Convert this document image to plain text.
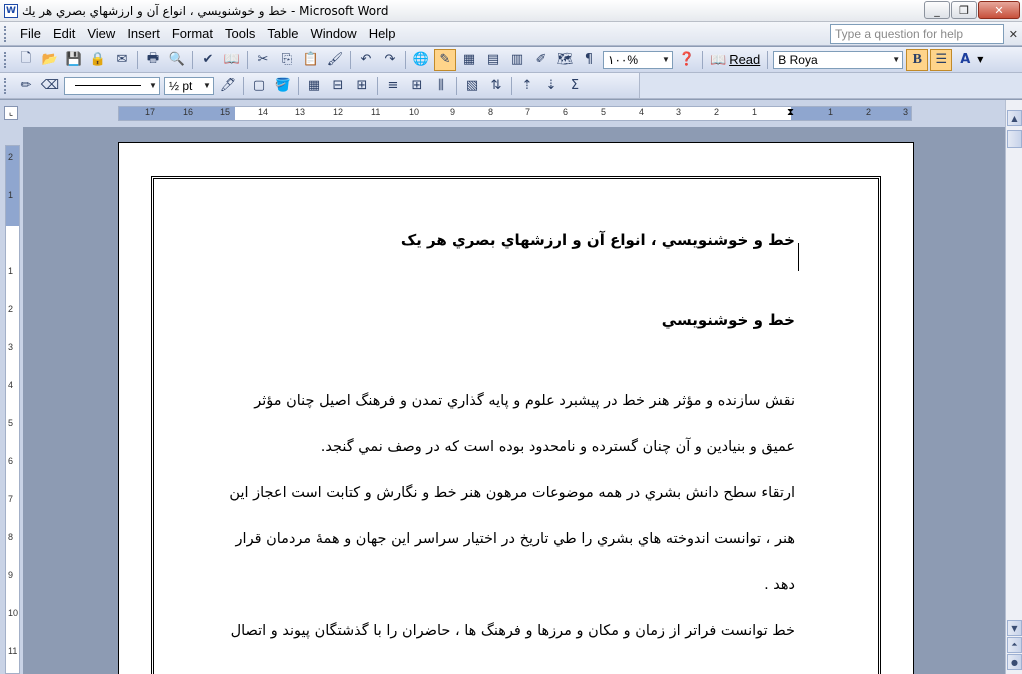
W خط و خوشنويسي ، انواع آن و ارزشهاي بصري هر يك - Microsoft Word	_	❐	✕
File Edit View Insert Format Tools Table Window Help	Type a question for help	✕
🗋 📂 💾 🔒 ✉	🖶 🔍	✔ 📖	✂	⎘ 📋 🖌	↶	↷	🌐 ✎ ▦ ▤ ▥ ✐ 🗺 ¶	۱۰۰%	▼ ❓ 📖 Read B Roya	▼ B	☰	A ▼
✏ ⌫	▼ ½ pt ▼ 🖊	▢ 🪣	▦ ⊟	⊞	≡	⊞	⫼	▧ ⇅	⇡	⇣	Σ
⌞	17	16	15	14	13	12	11	10	9	8	7	6	5	4	3	2	1	1	2	3
⧗
2
1
1
2
3
4
5
6
7
8
9
10
11
خط و خوشنويسي ، انواع آن و ارزشهاي بصري هر يک
خط و خوشنويسي
نقش سازنده و مؤثر هنر خط در پيشبرد علوم و پايه گذاري تمدن و فرهنگ اصيل چنان مؤثر
عميق و بنيادين و آن چنان گسترده و نامحدود بوده است که در وصف نمي گنجد.
ارتقاء سطح دانش بشري در همه موضوعات مرهون هنر خط و نگارش و کتابت است اعجاز اين
هنر ، توانست اندوخته هاي بشري را طي تاريخ در اختيار سراسر اين جهان و همهٔ مردمان قرار
دهد .
خط توانست فراتر از زمان و مکان و مرزها و فرهنگ ها ، حاضران را با گذشتگان پيوند و اتصال
▲
▼
⏶
●
